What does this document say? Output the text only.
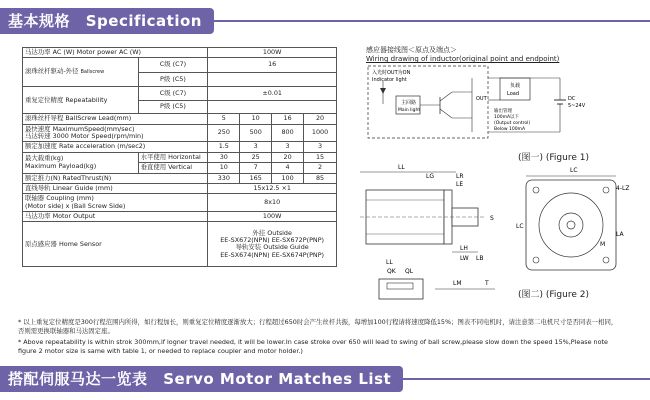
基本规格 Specification
马达功率 AC (W) Motor power AC (W)		100W			
滚珠丝杆驱动-外径 Ballscrew	C级 (C7)	16			
	P级 (C5)				
重复定位精度 Repeatability	C级 (C7)	±0.01			
	P级 (C5)				
滚珠丝杆导程 BallScrew Lead(mm)		5	10	16	20

最快速度 MaximumSpeed(mm/sec)
马达转速 3000 Motor Speed(rpm/min)		250	500	800	1000
额定加速度 Rate acceleration (m/sec2)		1.5	3	3	3

最大载重(kg)
Maximum Payload(kg)	水平使用 Horizontal	30	25	20	15
	垂直使用 Vertical	10	7	4	2
额定推力(N) RatedThrust(N)		330	165	100	85
直线导轨 Linear Guide (mm)		15x12.5 ×1			

联轴器 Coupling (mm)
(Motor side) x (Ball Screw Side)		8x10			
马达功率 Motor Output		100W			
原点感应器 Home Sensor		外挂 Outside
EE-SX672(NPN) EE-SX672P(PNP)
导轨安装 Outside Guide
EE-SX674(NPN) EE-SX674P(PNP)			
感应器接线图＜原点及端点＞
Wiring drawing of inductor(original point and endpoint)
入光时OUT为ON
Indicator light
主回路
Main light
OUT
输出管理
100mA以下
(Output control)
Below 100mA
负载
Load
DC
5~24V
(图一) (Figure 1)
LL
LG	LR
LE
S
LH
LW LB
LL
LC
4-LZ
LA
M
LC
QK QL
LM	T
(图二) (Figure 2)

* 以上重复定位精度是300行程范围内所得，如行程加长，则重复定位精度逐渐放大；行程超过650时会产生丝杆共振，每增加100行程请将速度降低15%；图表不同电机时，请注意第二电机尺寸是否同表一相同，否则需更换联轴器和马达固定座。

* Above repeatability is within strok 300mm,if logner travel needed, it will be lower.In case stroke over 650 will lead to swing of ball screw,please slow down the speed 15%,Please note figure 2 motor size is same with table 1, or needed to replace coupler and motor holder.)

搭配伺服马达一览表 Servo Motor Matches List
